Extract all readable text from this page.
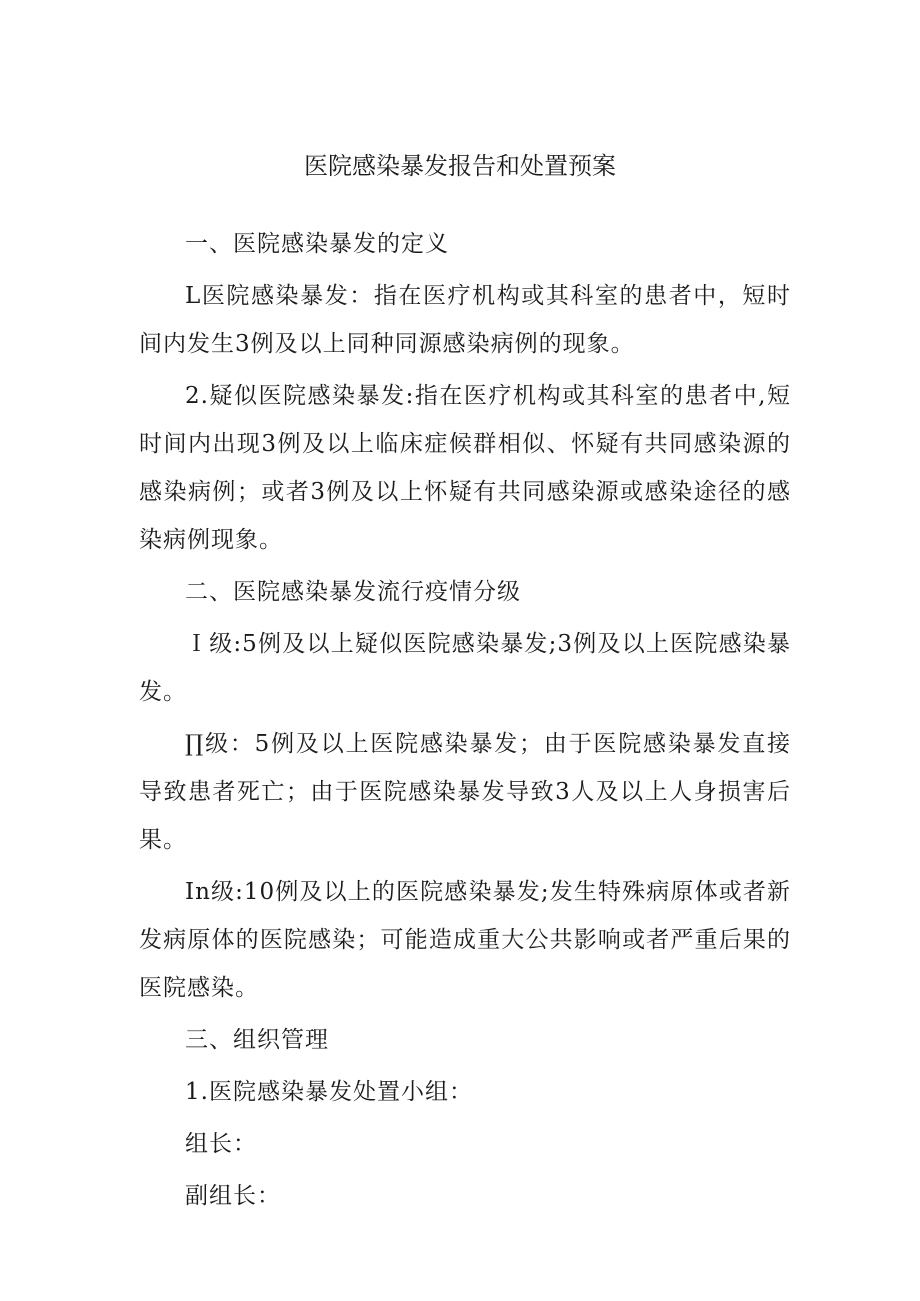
医院感染暴发报告和处置预案

一、医院感染暴发的定义

L医院感染暴发：指在医疗机构或其科室的患者中，短时间内发生3例及以上同种同源感染病例的现象。

2.疑似医院感染暴发:指在医疗机构或其科室的患者中,短时间内出现3例及以上临床症候群相似、怀疑有共同感染源的感染病例；或者3例及以上怀疑有共同感染源或感染途径的感染病例现象。

二、医院感染暴发流行疫情分级

Ｉ级:5例及以上疑似医院感染暴发;3例及以上医院感染暴发。

∏级：5例及以上医院感染暴发；由于医院感染暴发直接导致患者死亡；由于医院感染暴发导致3人及以上人身损害后果。

In级:10例及以上的医院感染暴发;发生特殊病原体或者新发病原体的医院感染；可能造成重大公共影响或者严重后果的医院感染。

三、组织管理

1.医院感染暴发处置小组：

组长：

副组长：
